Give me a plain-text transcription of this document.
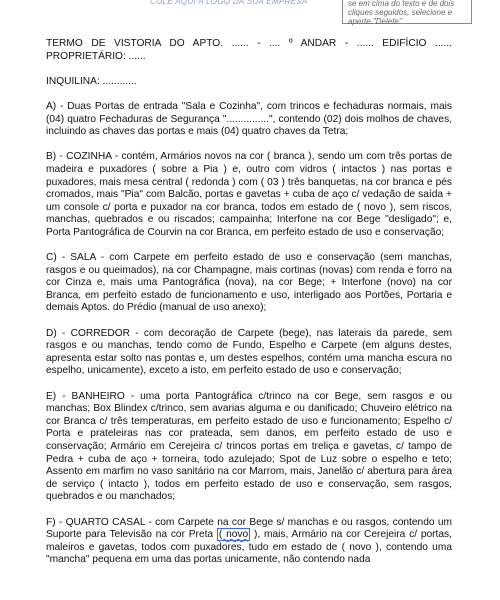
COLE AQUI A LOGO DA SUA EMPRESA	se em cima do texto e de dois cliques seguidos, selecione e aperte "Delete"

TERMO DE VISTORIA DO APTO. ...... - .... º ANDAR - ...... EDIFÍCIO ...... PROPRIETÁRIO: ......

INQUILINA: ............

A) - Duas Portas de entrada "Sala e Cozinha", com trincos e fechaduras normais, mais (04) quatro Fechaduras de Segurança "...............", contendo (02) dois molhos de chaves, incluindo as chaves das portas e mais (04) quatro chaves da Tetra;

B) - COZINHA - contém, Armários novos na cor ( branca ), sendo um com três portas de madeira e puxadores ( sobre a Pia ) e, outro com vidros ( intactos ) nas portas e puxadores, mais mesa central ( redonda ) com ( 03 ) três banquetas, na cor branca e pés cromados, mais "Pia" com Balcão, portas e gavetas + cuba de aço c/ vedação de saída + um console c/ porta e puxador na cor branca, todos em estado de ( novo ), sem riscos, manchas, quebrados e ou riscados; campainha; Interfone na cor Bege "desligado"; e, Porta Pantográfica de Courvin na cor Branca, em perfeito estado de uso e conservação;

C) - SALA - com Carpete em perfeito estado de uso e conservação (sem manchas, rasgos e ou queimados), na cor Champagne, mais cortinas (novas) com renda e forro na cor Cinza e, mais uma Pantográfica (nova), na cor Bege; + Interfone (novo) na cor Branca, em perfeito estado de funcionamento e uso, interligado aos Portões, Portaria e demais Aptos. do Prédio (manual de uso anexo);

D) - CORREDOR - com decoração de Carpete (bege), nas laterais da parede, sem rasgos e ou manchas, tendo como de Fundo, Espelho e Carpete (em alguns destes, apresenta estar solto nas pontas e, um destes espelhos, contém uma mancha escura no espelho, unicamente), exceto a isto, em perfeito estado de uso e conservação;

E) - BANHEIRO - uma porta Pantográfica c/trinco na cor Bege, sem rasgos e ou manchas; Box Blindex c/trinco, sem avarias alguma e ou danificado; Chuveiro elétrico na cor Branca c/ três temperaturas, em perfeito estado de uso e funcionamento; Espelho c/ Porta e prateleiras nas cor prateada, sem danos, em perfeito estado de uso e conservação; Armário em Cerejeira c/ trincos portas em treliça e gavetas, c/ tampo de Pedra + cuba de aço + torneira, todo azulejado; Spot de Luz sobre o espelho e teto; Assento em marfim no vaso sanitário na cor Marrom, mais, Janelão c/ abertura para área de serviço ( intacto ), todos em perfeito estado de uso e conservação, sem rasgos, quebrados e ou manchados;

F) - QUARTO CASAL - com Carpete na cor Bege s/ manchas e ou rasgos, contendo um Suporte para Televisão na cor Preta ( novo ), mais, Armário na cor Cerejeira c/ portas, maleiros e gavetas, todos com puxadores, tudo em estado de ( novo ), contendo uma "mancha" pequena em uma das portas unicamente, não contendo nada
